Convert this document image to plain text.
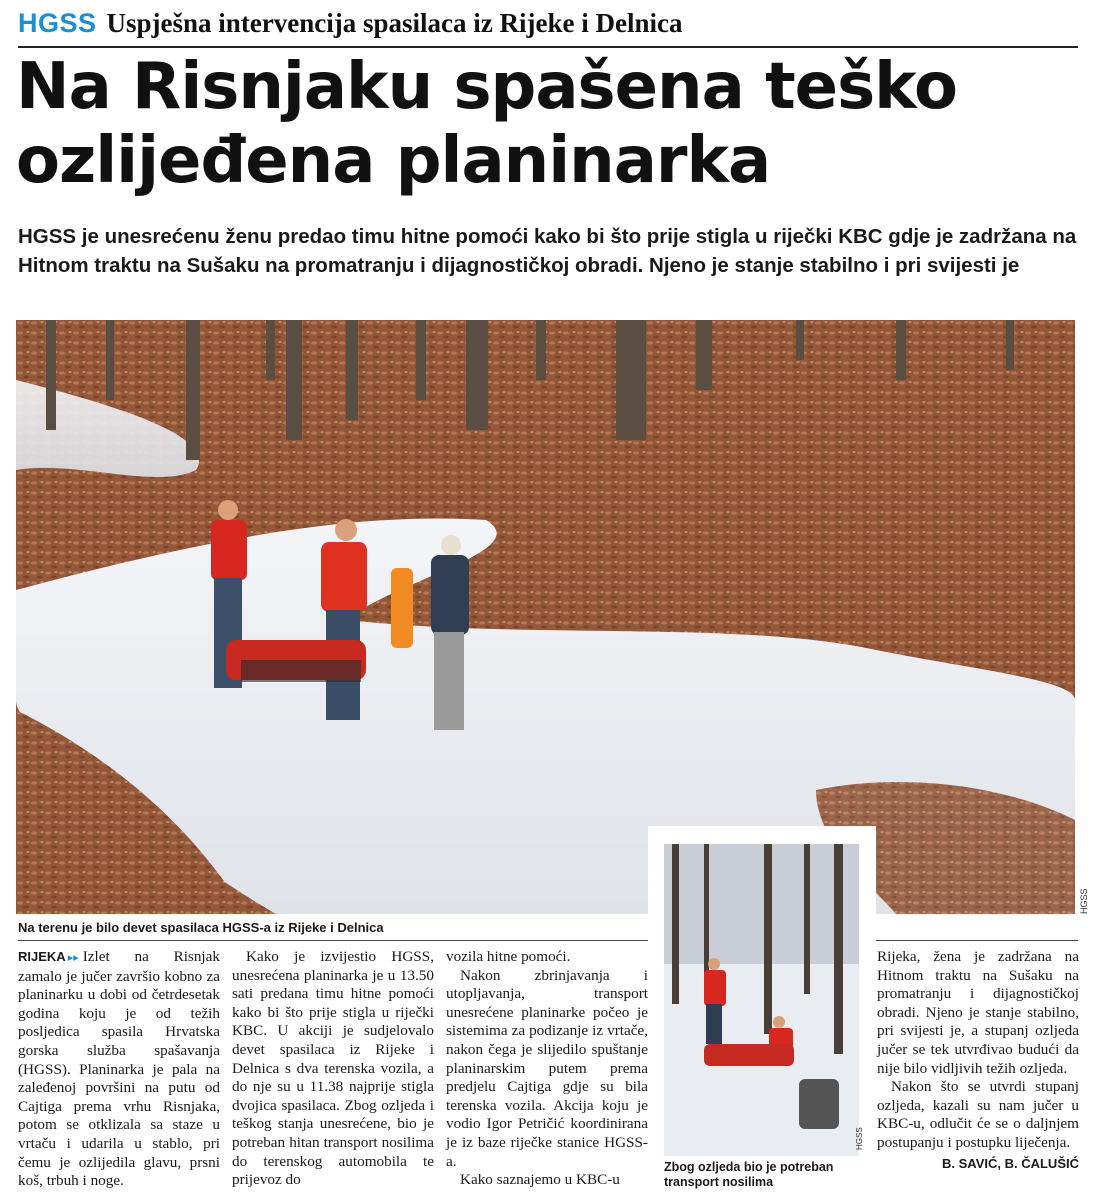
HGSS Uspješna intervencija spasilaca iz Rijeke i Delnica
Na Risnjaku spašena teško ozlijeđena planinarka

HGSS je unesrećenu ženu predao timu hitne pomoći kako bi što prije stigla u riječki KBC gdje je zadržana na Hitnom traktu na Sušaku na promatranju i dijagnostičkoj obradi. Njeno je stanje stabilno i pri svijesti je

HGSS
Na terenu je bilo devet spasilaca HGSS-a iz Rijeke i Delnica

RIJEKA ▸▸ Izlet na Risnjak zamalo je jučer završio kobno za planinarku u dobi od četrdesetak godina koju je od težih posljedica spasila Hrvatska gorska služba spašavanja (HGSS). Planinarka je pala na zaleđenoj površini na putu od Cajtiga prema vrhu Risnjaka, potom se otklizala sa staze u vrtaču i udarila u stablo, pri čemu je ozlijedila glavu, prsni koš, trbuh i noge.

Kako je izvijestio HGSS, unesrećena planinarka je u 13.50 sati predana timu hitne pomoći kako bi što prije stigla u riječki KBC. U akciji je sudjelovalo devet spasilaca iz Rijeke i Delnica s dva terenska vozila, a do nje su u 11.38 najprije stigla dvojica spasilaca. Zbog ozljeda i teškog stanja unesrećene, bio je potreban hitan transport nosilima do terenskog automobila te prijevoz do

vozila hitne pomoći.

Nakon zbrinjavanja i utopljavanja, transport unesrećene planinarke počeo je sistemima za podizanje iz vrtače, nakon čega je slijedilo spuštanje planinarskim putem prema predjelu Cajtiga gdje su bila terenska vozila. Akcija koju je vodio Igor Petričić koordinirana je iz baze riječke stanice HGSS-a.

Kako saznajemo u KBC-u

HGSS
Zbog ozljeda bio je potreban transport nosilima

Rijeka, žena je zadržana na Hitnom traktu na Sušaku na promatranju i dijagnostičkoj obradi. Njeno je stanje stabilno, pri svijesti je, a stupanj ozljeda jučer se tek utvrđivao budući da nije bilo vidljivih težih ozljeda.

Nakon što se utvrdi stupanj ozljeda, kazali su nam jučer u KBC-u, odlučit će se o daljnjem postupanju i postupku liječenja.

B. SAVIĆ, B. ČALUŠIĆ
